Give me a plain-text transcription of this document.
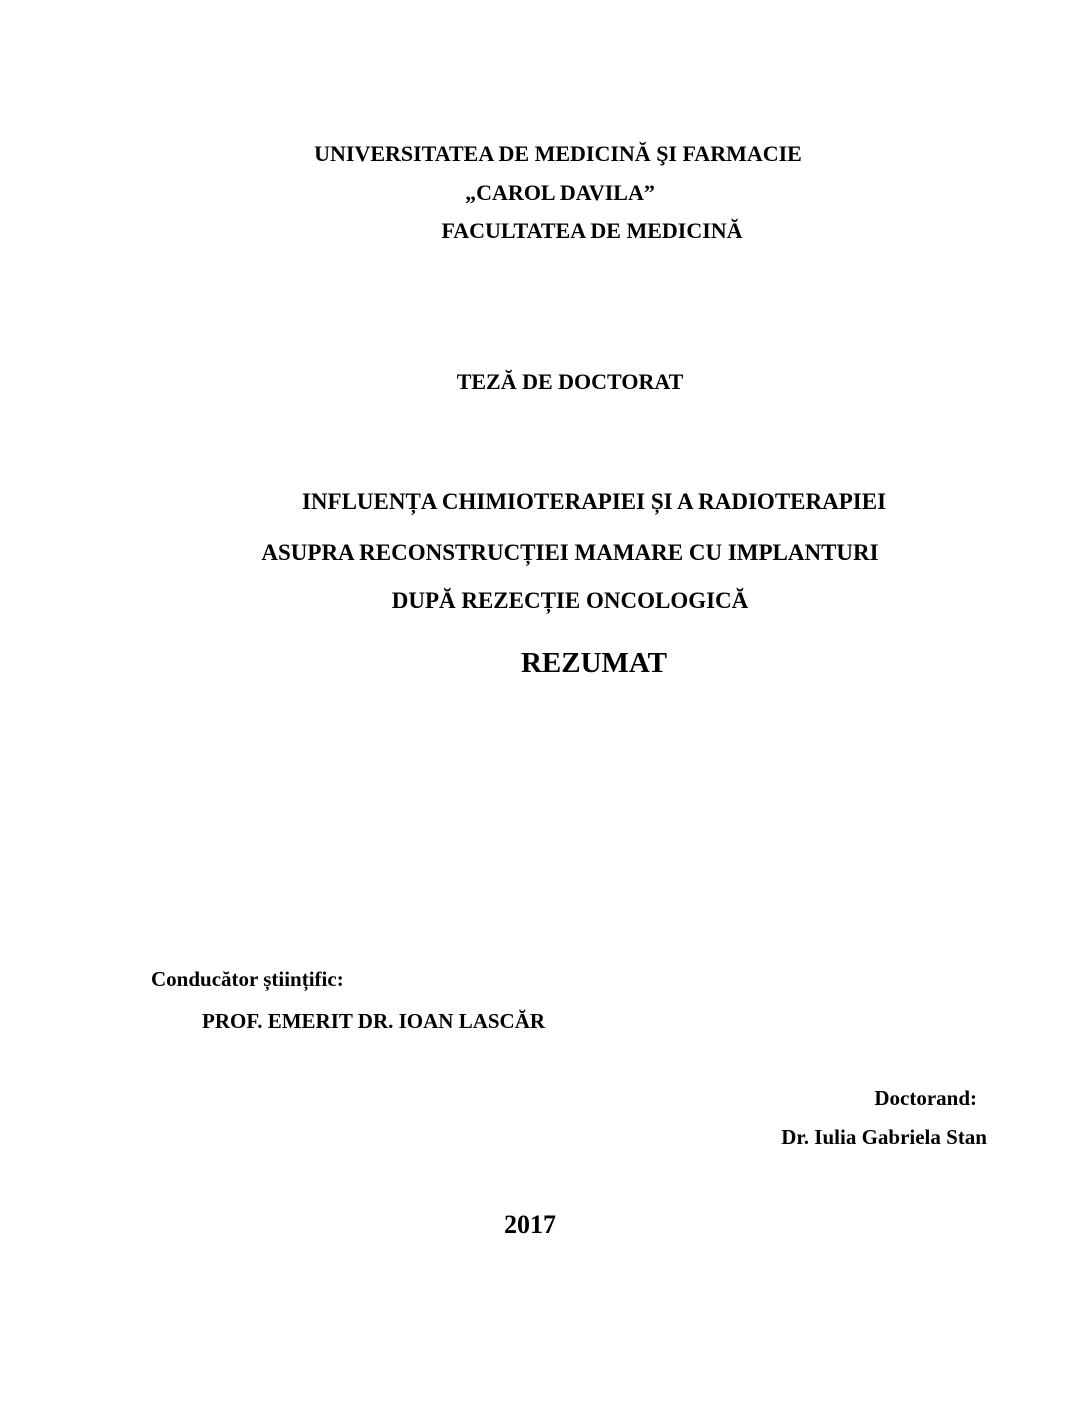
UNIVERSITATEA DE MEDICINĂ ŞI FARMACIE
„CAROL DAVILA”
FACULTATEA DE MEDICINĂ
TEZĂ DE DOCTORAT
INFLUENȚA CHIMIOTERAPIEI ȘI A RADIOTERAPIEI
ASUPRA RECONSTRUCȚIEI MAMARE CU IMPLANTURI
DUPĂ REZECȚIE ONCOLOGICĂ
REZUMAT
Conducător științific:
PROF. EMERIT DR. IOAN LASCĂR
Doctorand:
Dr. Iulia Gabriela Stan
2017
